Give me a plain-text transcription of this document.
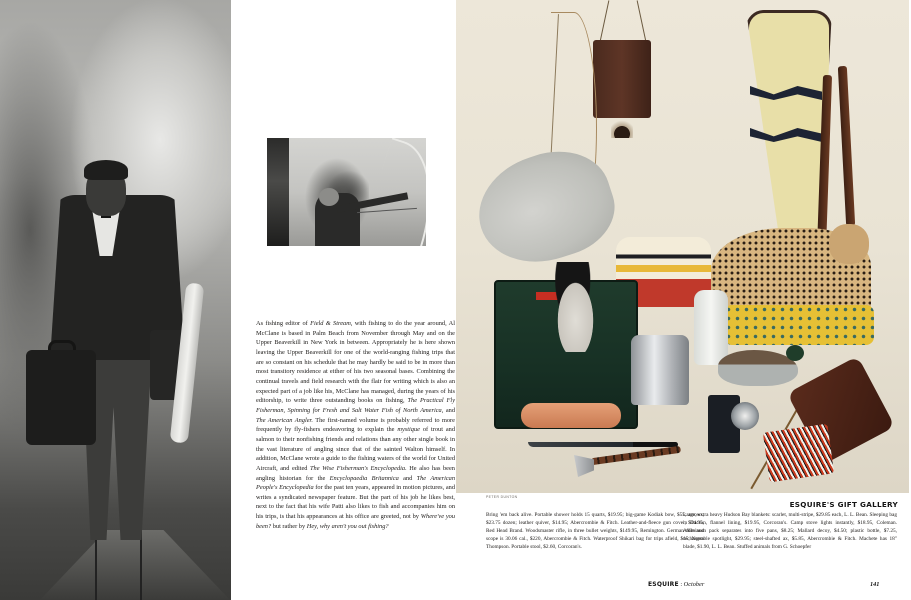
As fishing editor of Field & Stream, with fishing to do the year around, Al McClane is based in Palm Beach from November through May and on the Upper Beaverkill in New York in between. Appropriately he is here shown leaving the Upper Beaverkill for one of the world-ranging fishing trips that are so constant on his schedule that he may hardly be said to be in more than most transitory residence at either of his two seasonal bases. Combining the continual travels and field research with the flair for writing which is also an expected part of a job like his, McClane has managed, during the years of his editorship, to write three outstanding books on fishing, The Practical Fly Fisherman, Spinning for Fresh and Salt Water Fish of North America, and The American Angler. The first-named volume is probably referred to more frequently by fly-fishers endeavoring to explain the mystique of trout and salmon to their nonfishing friends and relations than any other single book in the vast literature of angling since that of the sainted Walton himself. In addition, McClane wrote a guide to the fishing waters of the world for United Aircraft, and edited The Wise Fisherman's Encyclopedia. He also has been angling historian for the Encyclopaedia Britannica and The American People's Encyclopedia for the past ten years, appeared in motion pictures, and writes a syndicated newspaper feature. But the part of his job he likes best, next to the fact that his wife Patti also likes to fish and accompanies him on his trips, is that his appearances at his office are greeted, not by Where've you been? but rather by Hey, why aren't you out fishing?
PETER DUNTON
ESQUIRE'S GIFT GALLERY
Bring 'em back alive. Portable shower holds 15 quarts, $19.95; big-game Kodiak bow, $55; arrows, $23.75 dozen; leather quiver, $14.95; Abercrombie & Fitch. Leather-and-fleece gun cover, $14.95, Red Head Brand. Woodsmaster rifle, in three bullet weights, $149.95, Remington. German rifle and scope is 30.06 cal., $220, Abercrombie & Fitch. Waterproof Shikari bag for trips afield, $15, Norm Thompson. Portable stool, $2.60, Corcoran's.
Large, extra heavy Hudson Bay blankets: scarlet, multi-stripe, $29.85 each, L. L. Bean. Sleeping bag in Dacron, flannel lining, $19.95, Corcoran's. Camp stove lights instantly, $18.95, Coleman. Aluminum pack separates into five pans, $8.25; Mallard decoy, $4.50; plastic bottle, $7.25, rechargeable spotlight, $29.95; steel-shafted ax, $5.85, Abercrombie & Fitch. Machete has 18" blade, $1.90, L. L. Bean. Stuffed animals from G. Schoepfer
ESQUIRE : October	141
